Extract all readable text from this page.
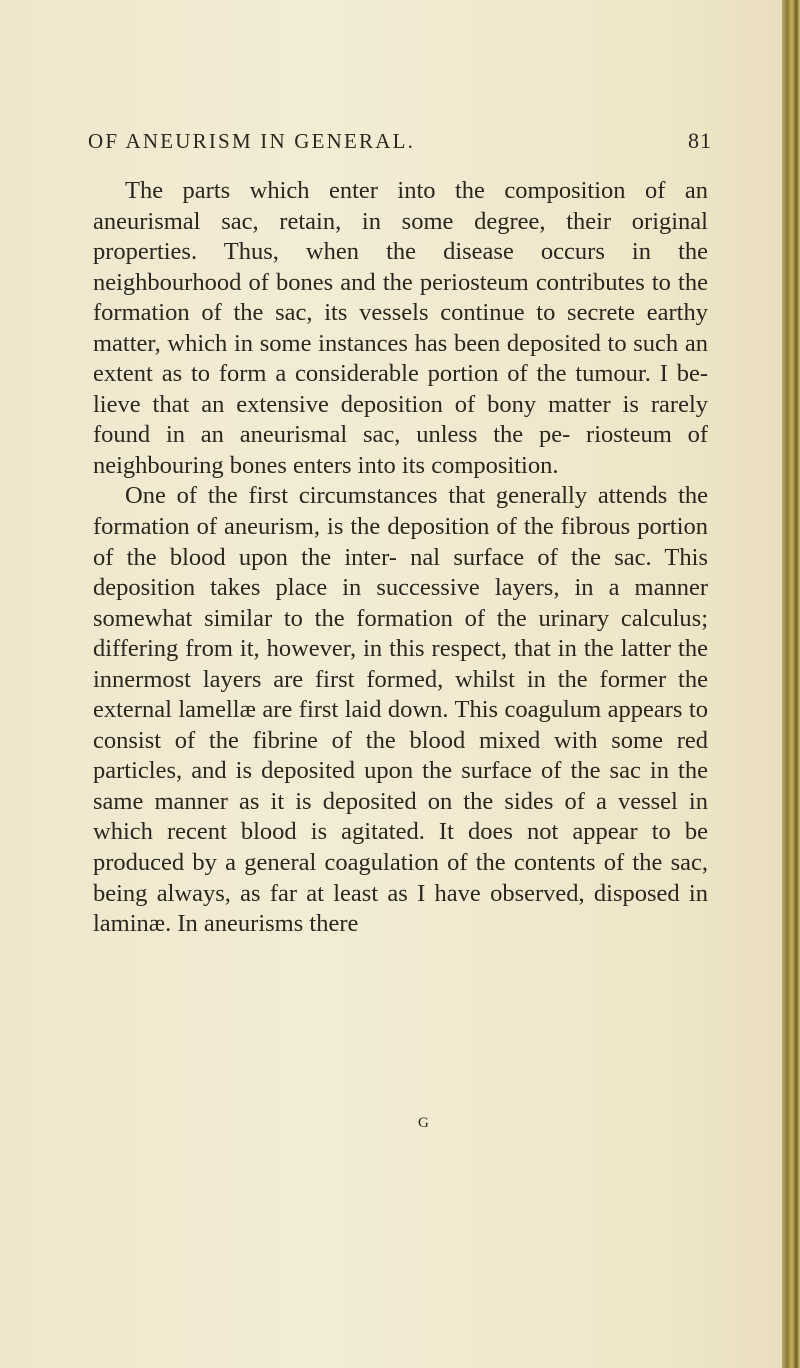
OF ANEURISM IN GENERAL.	81

The parts which enter into the composition of an aneurismal sac, retain, in some degree, their original properties. Thus, when the disease occurs in the neighbourhood of bones and the periosteum contributes to the formation of the sac, its vessels continue to secrete earthy matter, which in some instances has been deposited to such an extent as to form a considerable portion of the tumour. I be- lieve that an extensive deposition of bony matter is rarely found in an aneurismal sac, unless the pe- riosteum of neighbouring bones enters into its composition.

One of the first circumstances that generally attends the formation of aneurism, is the deposition of the fibrous portion of the blood upon the inter- nal surface of the sac. This deposition takes place in successive layers, in a manner somewhat similar to the formation of the urinary calculus; differing from it, however, in this respect, that in the latter the innermost layers are first formed, whilst in the former the external lamellæ are first laid down. This coagulum appears to consist of the fibrine of the blood mixed with some red particles, and is deposited upon the surface of the sac in the same manner as it is deposited on the sides of a vessel in which recent blood is agitated. It does not appear to be produced by a general coagulation of the contents of the sac, being always, as far at least as I have observed, disposed in laminæ. In aneurisms there

G
